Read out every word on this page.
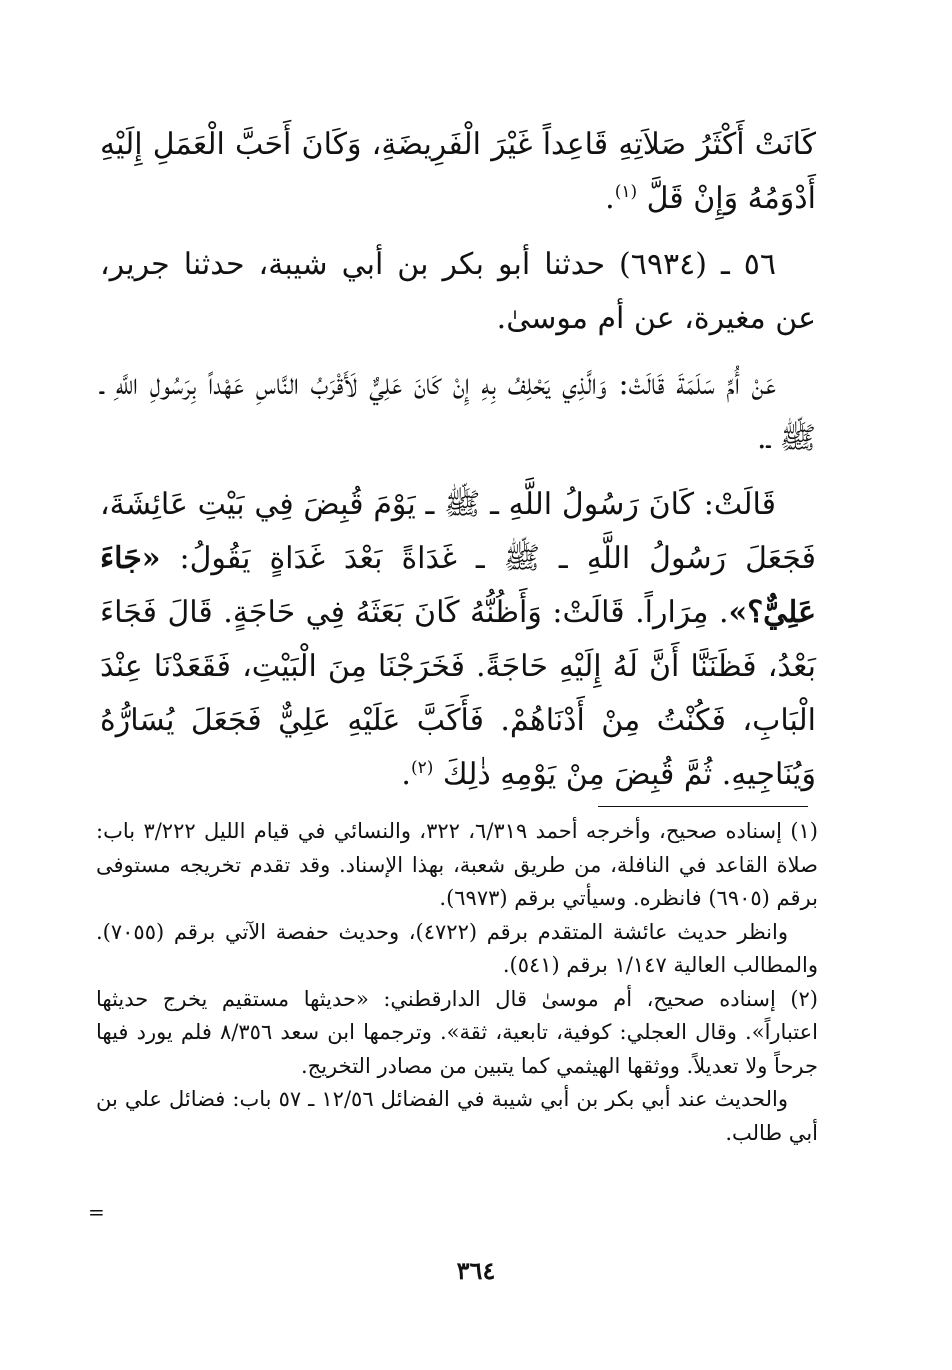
كَانَتْ أَكْثَرُ صَلاَتِهِ قَاعِداً غَيْرَ الْفَرِيضَةِ، وَكَانَ أَحَبَّ الْعَمَلِ إِلَيْهِ أَدْوَمُهُ وَإِنْ قَلَّ $^{(١)}$.

٥٦ ـ (٦٩٣٤) حدثنا أبو بكر بن أبي شيبة، حدثنا جرير، عن مغيرة، عن أم موسىٰ.

عَنْ أُمِّ سَلَمَةَ قَالَتْ: وَالَّذِي يَحْلِفُ بِهِ إِنْ كَانَ عَلِيٌّ لَأَقْرَبُ النَّاسِ عَهْداً بِرَسُولِ اللَّهِ ـ ﷺ ـ.

قَالَتْ: كَانَ رَسُولُ اللَّهِ ـ ﷺ ـ يَوْمَ قُبِضَ فِي بَيْتِ عَائِشَةَ، فَجَعَلَ رَسُولُ اللَّهِ ـ ﷺ ـ غَدَاةً بَعْدَ غَدَاةٍ يَقُولُ: «جَاءَ عَلِيٌّ؟». مِرَاراً. قَالَتْ: وَأَظُنُّهُ كَانَ بَعَثَهُ فِي حَاجَةٍ. قَالَ فَجَاءَ بَعْدُ، فَظَنَنَّا أَنَّ لَهُ إِلَيْهِ حَاجَةً. فَخَرَجْنَا مِنَ الْبَيْتِ، فَقَعَدْنَا عِنْدَ الْبَابِ، فَكُنْتُ مِنْ أَدْنَاهُمْ. فَأَكَبَّ عَلَيْهِ عَلِيٌّ فَجَعَلَ يُسَارُّهُ وَيُنَاجِيهِ. ثُمَّ قُبِضَ مِنْ يَوْمِهِ ذٰلِكَ $^{(٢)}$.

(١) إسناده صحيح، وأخرجه أحمد ٦/٣١٩، ٣٢٢، والنسائي في قيام الليل ٣/٢٢٢ باب: صلاة القاعد في النافلة، من طريق شعبة، بهذا الإسناد. وقد تقدم تخريجه مستوفى برقم (٦٩٠٥) فانظره. وسيأتي برقم (٦٩٧٣).

وانظر حديث عائشة المتقدم برقم (٤٧٢٢)، وحديث حفصة الآتي برقم (٧٠٥٥). والمطالب العالية ١/١٤٧ برقم (٥٤١).

(٢) إسناده صحيح، أم موسىٰ قال الدارقطني: «حديثها مستقيم يخرج حديثها اعتباراً». وقال العجلي: كوفية، تابعية، ثقة». وترجمها ابن سعد ٨/٣٥٦ فلم يورد فيها جرحاً ولا تعديلاً. ووثقها الهيثمي كما يتبين من مصادر التخريج.

والحديث عند أبي بكر بن أبي شيبة في الفضائل ١٢/٥٦ ـ ٥٧ باب: فضائل علي بن أبي طالب.

=
٣٦٤
